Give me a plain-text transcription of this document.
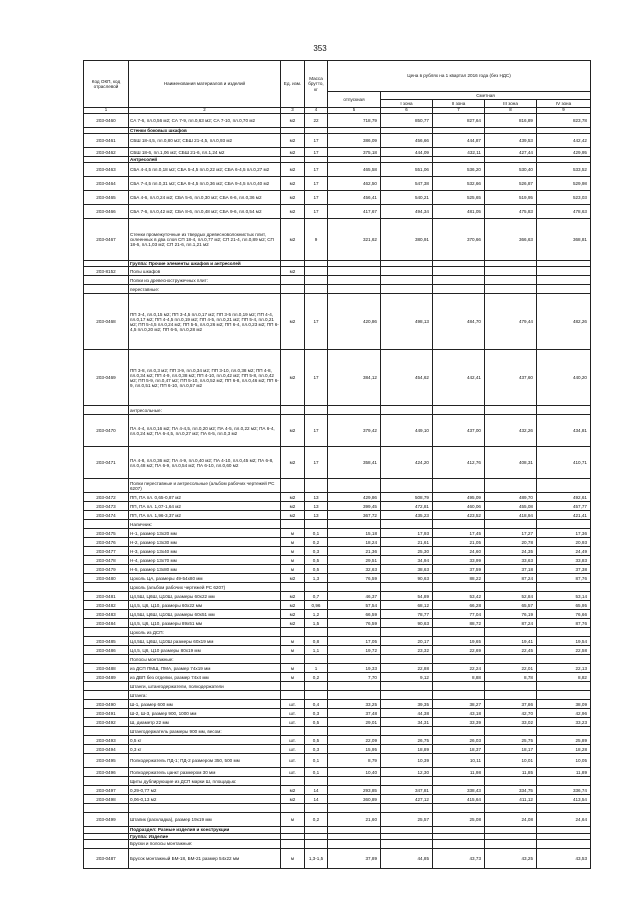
353
Код ОКП, код отраслевой	Наименования материалов и изделий	Ед. изм.	Масса брутто, кг	Цена в рублях на 1 квартал 2016 года (без НДС)				
				отпускная	Сметная			
					I зона	II зона	III зона	IV зона
1	2	3	4	5	6	7	8	9
203-0460	СА 7-6, пл.0,56 м2; СА 7-9, пл.0,63 м2; СА 7-10, пл.0,70 м2	м2	22	718,79	850,77	827,64	816,89	823,78
	Стенки боковых шкафов							
203-0461	СБШ 18-4,5, пл.0,80 м2; СБШ 21-4,5, пл.0,93 м2	м2	17	386,09	456,66	444,87	439,53	442,42
203-0462	СБШ 18-6, пл.1,06 м2; СБШ 21-6, пл.1,24 м2	м2	17	375,18	444,09	432,11	427,44	429,95
	Антресолей							
203-0463	СБА 4-4,5 пл.0,18 м2; СБА 5-4,5 пл.0,22 м2; СБА 6-4,5 пл.0,27 м2	м2	17	465,58	551,06	536,20	530,40	533,52
203-0464	СБА 7-4,5 пл.0,31 м2; СБА 8-4,5 пл.0,36 м2; СБА 9-4,5 пл.0,40 м2	м2	17	462,50	547,38	532,66	526,87	529,98
203-0465	СБА 4-6, пл.0,24 м2; СБА 5-6, пл.0,30 м2; СБА 6-6, пл.0,36 м2	м2	17	456,41	540,21	525,65	519,95	523,03
203-0466	СБА 7-6, пл.0,42 м2; СБА 8-6, пл.0,48 м2; СБА 9-6, пл.0,54 м2	м2	17	417,67	494,34	481,05	475,83	478,63
203-0467	Стенки промежуточные из твердых древесноволокнистых плит, склеенных в два слоя СП 18-4, пл.0,77 м2; СП 21-4, пл.0,89 м2; СП 18-6, пл.1,03 м2; СП 21-6, пл.1,21 м2	м2	9	321,62	380,91	370,66	366,63	368,81
	Группа: Прочие элементы шкафов и антресолей							
203-8152	Полы шкафов	м2						
	Полки из древесностружечных плит:							
	переставные:							
203-0468	ПП 3-4, пл.0,15 м2; ПП 3-4,5 пл.0,17 м2; ПП 3-5 пл.0,19 м2; ПП 4-4, пл.0,17 м2; ПП 4-4,5 пл.0,19 м2; ПП 4-5, пл.0,21 м2; ПП 5-4, пл.0,21 м2; ПП 5-4,5 пл.0,24 м2; ПП 5-5, пл.0,26 м2; ПП 6-4, пл.0,23 м2; ПП 6-4,5 пл.0,20 м2; ПП 6-5, пл.0,28 м2	м2	17	420,86	498,13	484,70	479,44	482,26
203-0469	ПП 3-8, пл.0,3 м2; ПП 3-9, пл.0,34 м2; ПП 3-10, пл.0,38 м2; ПП 4-8, пл.0,34 м2; ПП 4-9, пл.0,38 м2; ПП 4-10, пл.0,42 м2; ПП 5-8, пл.0,42 м2; ПП 5-9, пл.0,47 м2; ПП 5-10, пл.0,52 м2; ПП 6-8, пл.0,46 м2; ПП 6-9, пл.0,51 м2; ПП 6-10, пл.0,57 м2	м2	17	384,12	454,62	442,41	437,60	440,20
	антресольные:							
203-0470	ПА 4-4, пл.0,16 м2; ПА 4-4,5, пл.0,20 м2; ПА 4-5, пл.0,22 м2; ПА 6-4, пл.0,24 м2; ПА 6-4,5, пл.0,27 м2; ПА 6-5, пл.0,3 м2	м2	17	379,42	449,10	437,00	432,26	434,81
203-0471	ПА 4-8, пл.0,36 м2; ПА 4-9, пл.0,40 м2; ПА 4-10, пл.0,45 м2; ПА 6-8, пл.0,48 м2; ПА 6-9, пл.0,54 м2; ПА 6-10, пл.0,60 м2	м2	17	358,41	424,20	412,76	408,31	410,71
	Полки переставные и антресольные (альбом рабочих чертежей РС 6207)							
203-0472	ПП, ПА пл. 0,65-0,87 м2	м2	13	429,86	508,79	495,09	489,70	492,61
203-0473	ПП, ПА пл. 1,07-1,64 м2	м2	13	399,45	472,81	460,06	455,08	457,77
203-0474	ПП, ПА пл. 1,96-3,37 м2	м2	13	367,72	435,23	423,52	418,94	421,41
	Наличник:							
203-0475	Н-1, размер 13x20 мм	м	0,1	15,18	17,93	17,45	17,27	17,36
203-0476	Н-2, размер 13x30 мм	м	0,2	18,24	21,61	21,05	20,78	20,93
203-0477	Н-3, размер 13x40 мм	м	0,3	21,36	25,30	24,60	24,35	24,49
203-0478	Н-4, размер 13x70 мм	м	0,5	29,51	34,94	33,99	33,63	33,83
203-0479	Н-5, размер 13x80 мм	м	0,5	32,63	38,63	37,59	37,18	37,38
203-0480	Цоколь ЦА, размеры 49-54x80 мм	м2	1,3	76,59	90,63	88,22	87,24	87,76
	Цоколь (альбом рабочих чертежей РС 6207)							
203-0481	Ц4,5Ш, Ц6Ш, Ц10Ш, размеры 60x22 мм	м2	0,7	46,37	54,89	53,42	52,84	53,14
203-0482	Ц4,5, Ц6, Ц10, размеры 60x22 мм	м2	0,96	57,54	68,12	66,28	65,57	65,95
203-0483	Ц4,5Ш, Ц6Ш, Ц10Ш, размеры 60x51 мм	м2	1,2	66,59	78,77	77,04	76,19	76,66
203-0484	Ц4,5, Ц6, Ц10, размеры 89x51 мм	м2	1,5	76,59	90,63	88,72	87,24	87,76
	Цоколь из ДСП:							
203-0485	Ц4,5Ш, Ц6Ш, Ц10Ш размеры 60x19 мм	м	0,8	17,05	20,17	19,65	19,41	19,54
203-0486	Ц4,5, Ц6, Ц10 размеры 80x19 мм	м	1,1	19,72	23,32	22,69	22,45	22,58
	Полосы монтажные:							
203-0488	из ДСП ПМШ, ПМА, размер 74x19 мм	м	1	19,33	22,88	22,24	22,01	22,13
203-0489	из ДВП без отделки, размер 74x4 мм	м	0,2	7,70	9,12	8,88	8,78	8,82
	Штанги, штангодержатели, полкодержатели							
	Штанга:							
203-0490	Ш-1, размер 600 мм	шт.	0,4	33,25	39,35	38,27	37,86	38,09
203-0491	Ш-2, Ш-3, размер 900, 1000 мм	шт.	0,3	37,48	44,38	43,18	42,70	42,96
203-0492	Ш, диаметр 22 мм	шт.	0,5	29,01	34,31	33,39	33,02	33,23
	Штангодержатель размеры 900 мм, весом:							
203-0493	0,5 кг	шт.	0,5	22,09	26,75	26,03	25,75	25,89
203-0494	0,3 кг	шт.	0,3	15,95	18,89	18,37	18,17	18,28
203-0495	Полкодержатель ПД-1; ПД-2 размером 350, 500 мм	шт.	0,1	8,79	10,39	10,11	10,01	10,05
203-0496	Полкодержатель цанкт размером 30 мм	шт.	0,1	10,40	12,30	11,98	11,85	11,89
	Щиты дублирующие из ДСП марки Ш, площадью:							
203-0497	0,29-0,77 м2	м2	14	293,85	347,81	338,43	334,75	336,74
203-0498	0,06-0,13 м2	м2	14	360,89	427,12	415,64	411,12	413,54

203-0499	Штапик (раскладка), размер 19x19 мм	м	0,2	21,60	25,57	25,08	24,08	24,64
	Подраздел: Разные изделия и конструкции							
	Группа: Изделие							
	Бруски и полосы монтажные:							
203-0487	Брусок монтажный БМ-18, БМ-21 размер 54x22 мм	м	1,3-1,5	37,89	44,85	43,73	43,25	43,53
